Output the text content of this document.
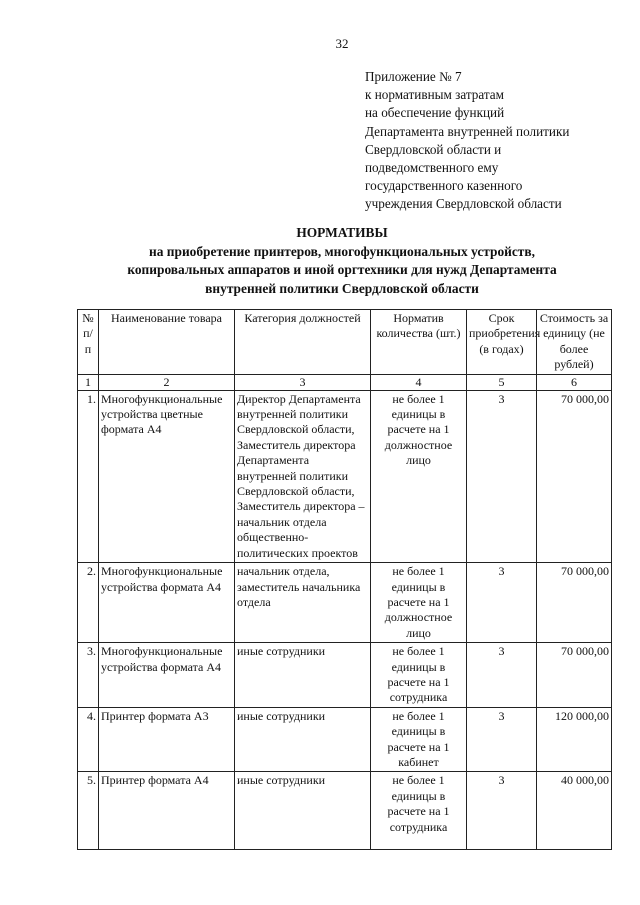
32
Приложение № 7
к нормативным затратам
на обеспечение функций
Департамента внутренней политики
Свердловской области и
подведомственного ему
государственного казенного
учреждения Свердловской области
НОРМАТИВЫ
на приобретение принтеров, многофункциональных устройств,
копировальных аппаратов и иной оргтехники для нужд Департамента
внутренней политики Свердловской области
№ п/п	Наименование товара	Категория должностей	Норматив количества (шт.)	Срок приобретения (в годах)	Стоимость за единицу (не более рублей)
1	2	3	4	5	6
1.	Многофункциональные устройства цветные формата А4	Директор Департамента внутренней политики Свердловской области, Заместитель директора Департамента внутренней политики Свердловской области, Заместитель директора – начальник отдела общественно-политических проектов	не более 1 единицы в расчете на 1 должностное лицо	3	70 000,00
2.	Многофункциональные устройства формата А4	начальник отдела, заместитель начальника отдела	не более 1 единицы в расчете на 1 должностное лицо	3	70 000,00
3.	Многофункциональные устройства формата А4	иные сотрудники	не более 1 единицы в расчете на 1 сотрудника	3	70 000,00
4.	Принтер формата А3	иные сотрудники	не более 1 единицы в расчете на 1 кабинет	3	120 000,00
5.	Принтер формата А4	иные сотрудники	не более 1 единицы в расчете на 1 сотрудника	3	40 000,00
